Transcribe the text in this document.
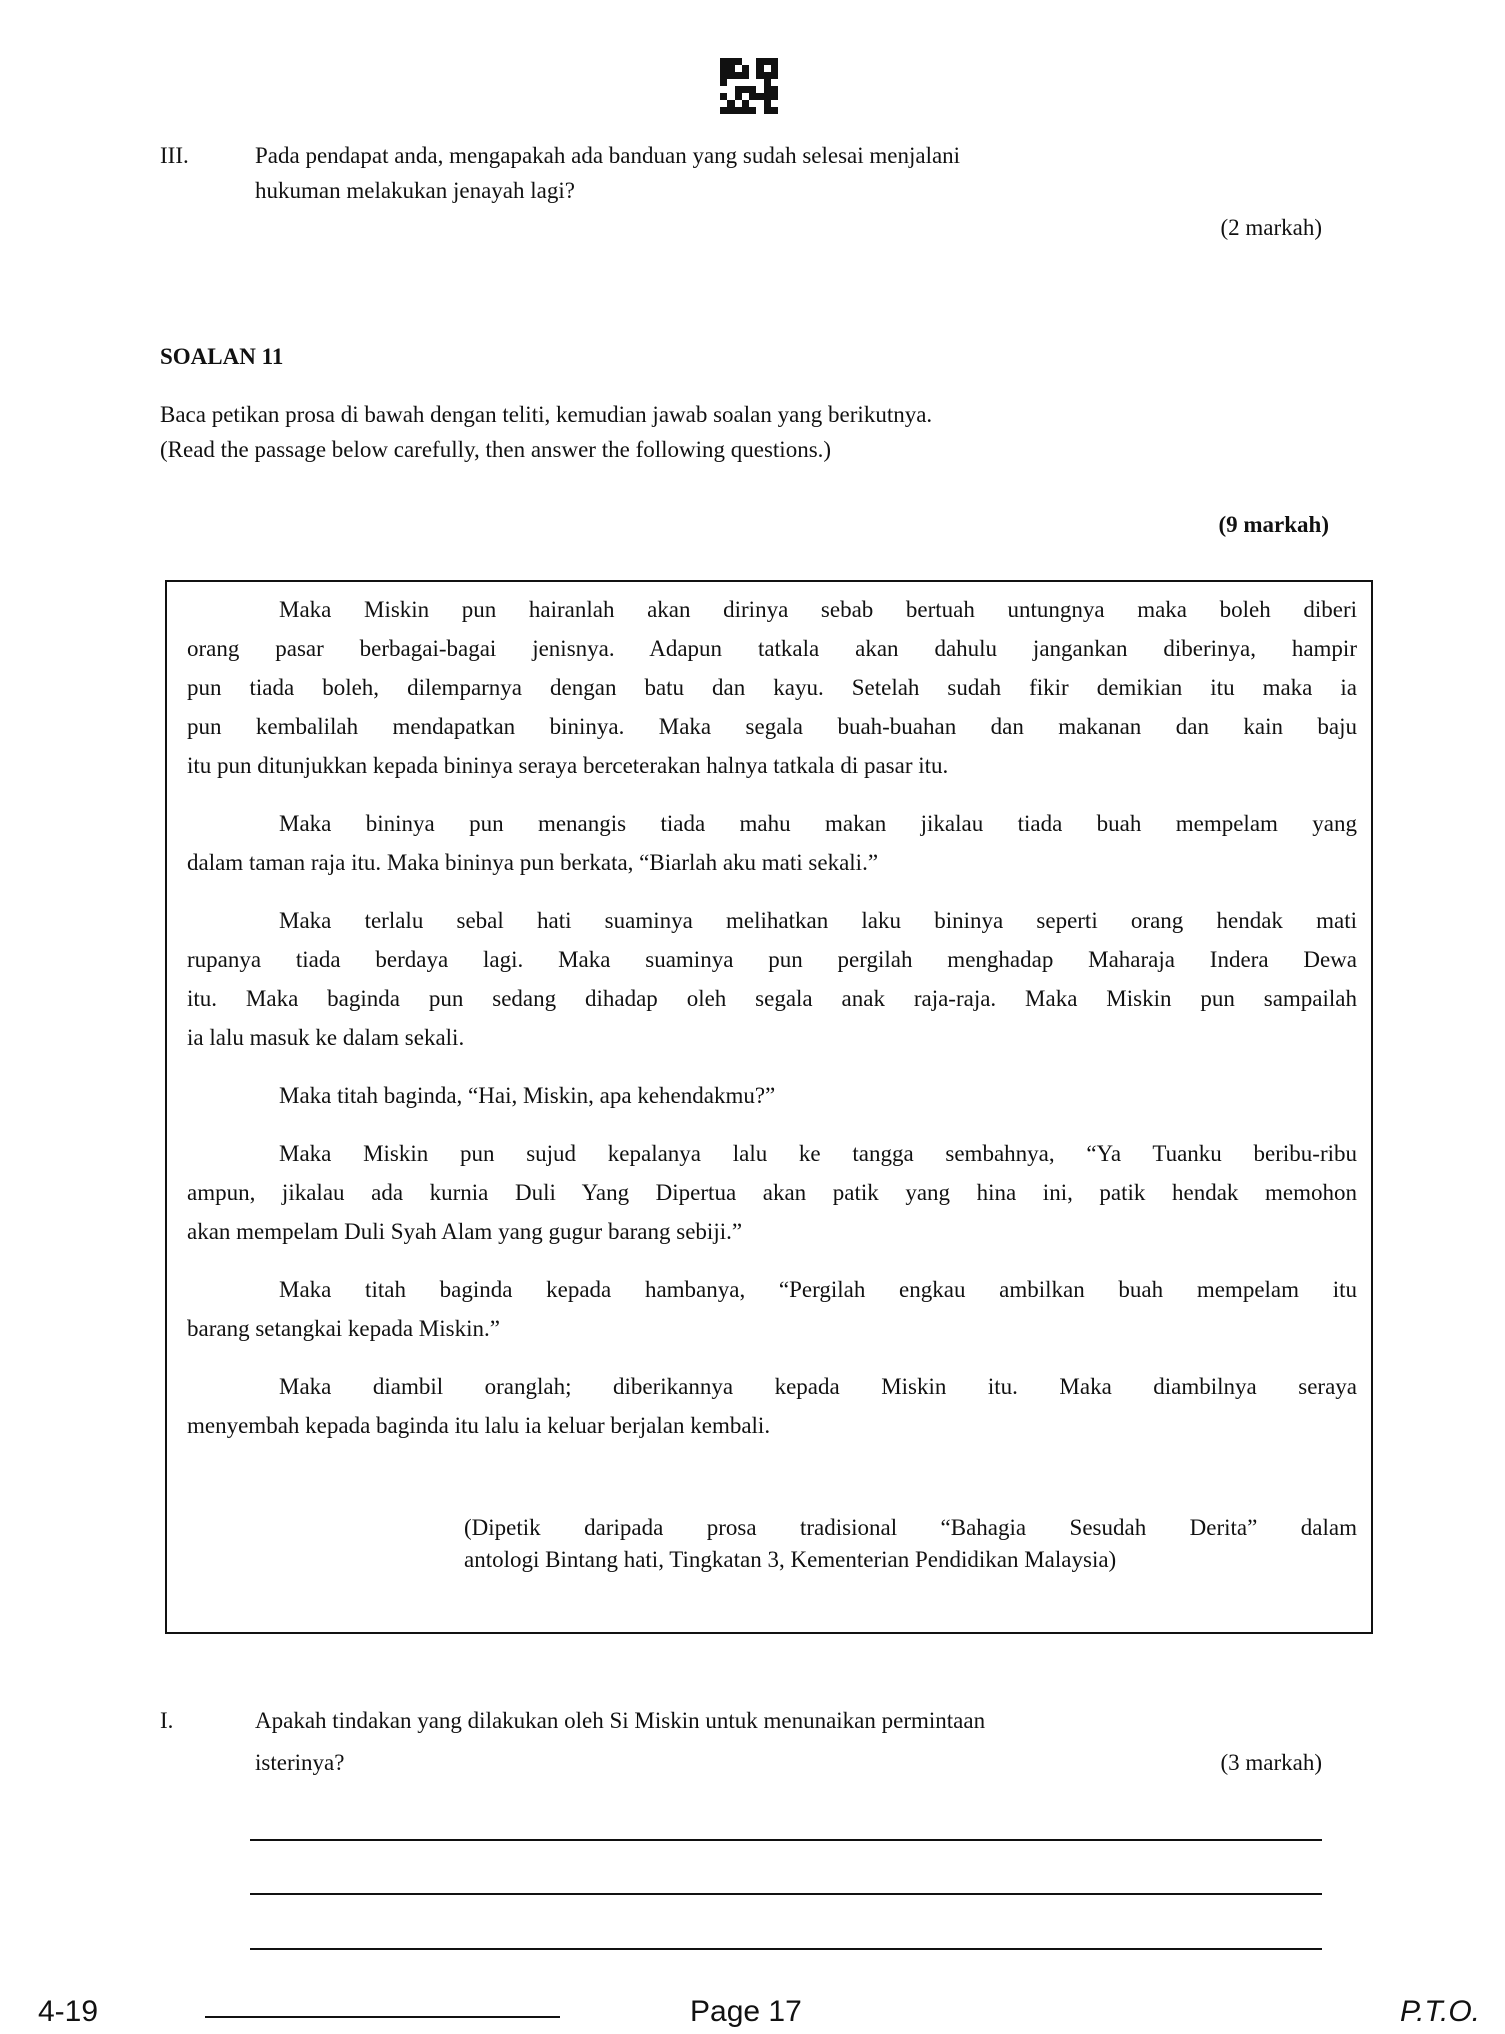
III.	Pada pendapat anda, mengapakah ada banduan yang sudah selesai menjalani
hukuman melakukan jenayah lagi?
(2 markah)
SOALAN 11
Baca petikan prosa di bawah dengan teliti, kemudian jawab soalan yang berikutnya.
(Read the passage below carefully, then answer the following questions.)
(9 markah)
Maka Miskin pun hairanlah akan dirinya sebab bertuah untungnya maka boleh diberi
orang pasar berbagai-bagai jenisnya. Adapun tatkala akan dahulu jangankan diberinya, hampir
pun tiada boleh, dilemparnya dengan batu dan kayu. Setelah sudah fikir demikian itu maka ia
pun kembalilah mendapatkan bininya. Maka segala buah-buahan dan makanan dan kain baju
itu pun ditunjukkan kepada bininya seraya berceterakan halnya tatkala di pasar itu.
Maka bininya pun menangis tiada mahu makan jikalau tiada buah mempelam yang
dalam taman raja itu. Maka bininya pun berkata, “Biarlah aku mati sekali.”
Maka terlalu sebal hati suaminya melihatkan laku bininya seperti orang hendak mati
rupanya tiada berdaya lagi. Maka suaminya pun pergilah menghadap Maharaja Indera Dewa
itu. Maka baginda pun sedang dihadap oleh segala anak raja-raja. Maka Miskin pun sampailah
ia lalu masuk ke dalam sekali.
Maka titah baginda, “Hai, Miskin, apa kehendakmu?”
Maka Miskin pun sujud kepalanya lalu ke tangga sembahnya, “Ya Tuanku beribu-ribu
ampun, jikalau ada kurnia Duli Yang Dipertua akan patik yang hina ini, patik hendak memohon
akan mempelam Duli Syah Alam yang gugur barang sebiji.”
Maka titah baginda kepada hambanya, “Pergilah engkau ambilkan buah mempelam itu
barang setangkai kepada Miskin.”
Maka diambil oranglah; diberikannya kepada Miskin itu. Maka diambilnya seraya
menyembah kepada baginda itu lalu ia keluar berjalan kembali.
(Dipetik daripada prosa tradisional “Bahagia Sesudah Derita” dalam
antologi Bintang hati, Tingkatan 3, Kementerian Pendidikan Malaysia)
I.	Apakah tindakan yang dilakukan oleh Si Miskin untuk menunaikan permintaan
isterinya?	(3 markah)
4-19	Page 17	P.T.O.
